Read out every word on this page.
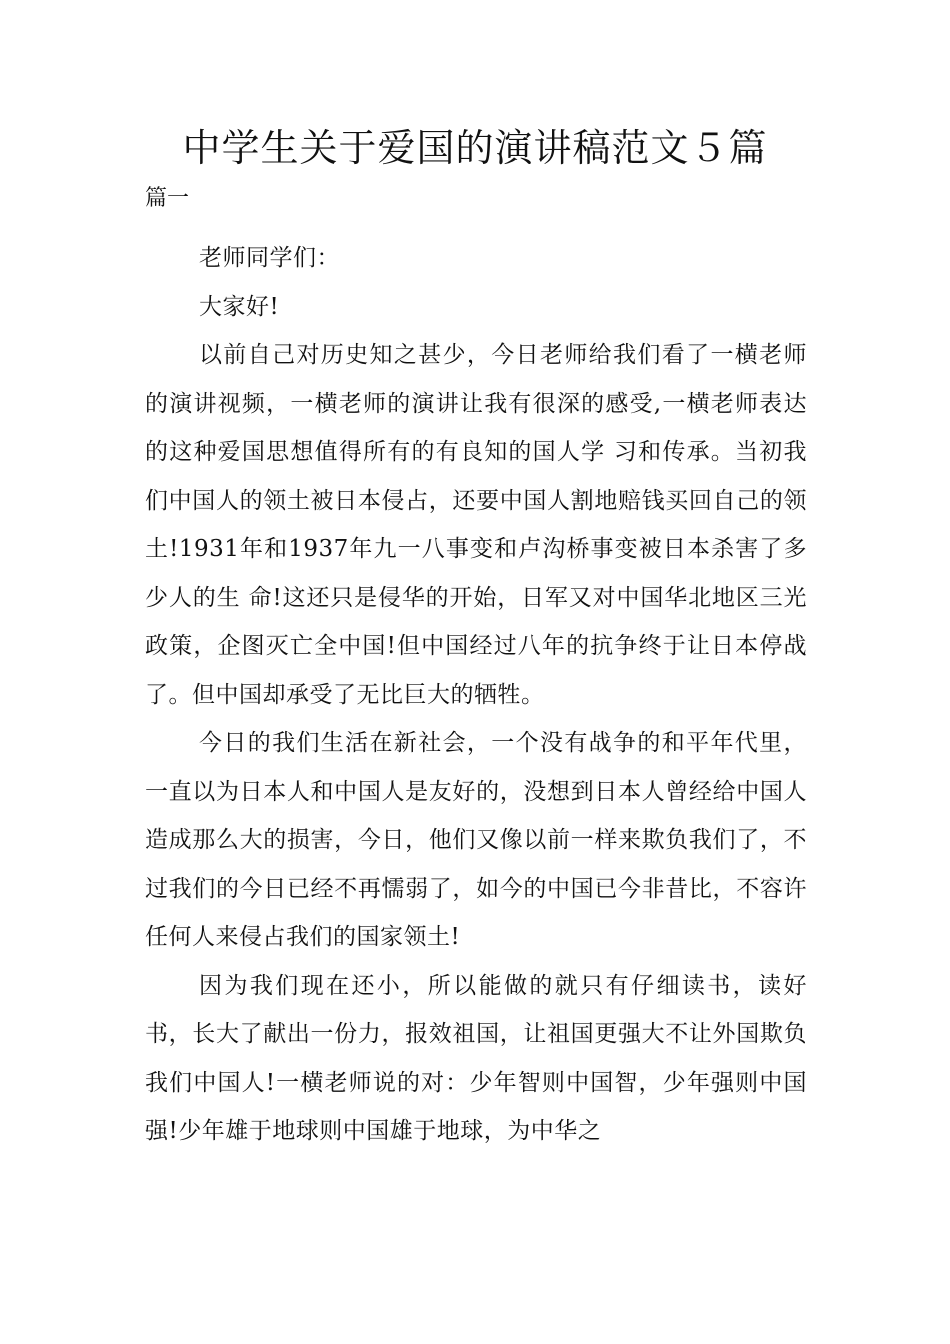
中学生关于爱国的演讲稿范文５篇

篇一

老师同学们：

大家好!

以前自己对历史知之甚少，今日老师给我们看了一横老师的演讲视频，一横老师的演讲让我有很深的感受,一横老师表达的这种爱国思想值得所有的有良知的国人学 习和传承。当初我们中国人的领土被日本侵占，还要中国人割地赔钱买回自己的领土!1931年和1937年九一八事变和卢沟桥事变被日本杀害了多少人的生 命!这还只是侵华的开始，日军又对中国华北地区三光政策，企图灭亡全中国!但中国经过八年的抗争终于让日本停战了。但中国却承受了无比巨大的牺牲。

今日的我们生活在新社会，一个没有战争的和平年代里，一直以为日本人和中国人是友好的，没想到日本人曾经给中国人造成那么大的损害，今日，他们又像以前一样来欺负我们了，不过我们的今日已经不再懦弱了，如今的中国已今非昔比，不容许任何人来侵占我们的国家领土!

因为我们现在还小，所以能做的就只有仔细读书，读好书，长大了献出一份力，报效祖国，让祖国更强大不让外国欺负我们中国人!一横老师说的对：少年智则中国智，少年强则中国强!少年雄于地球则中国雄于地球，为中华之
